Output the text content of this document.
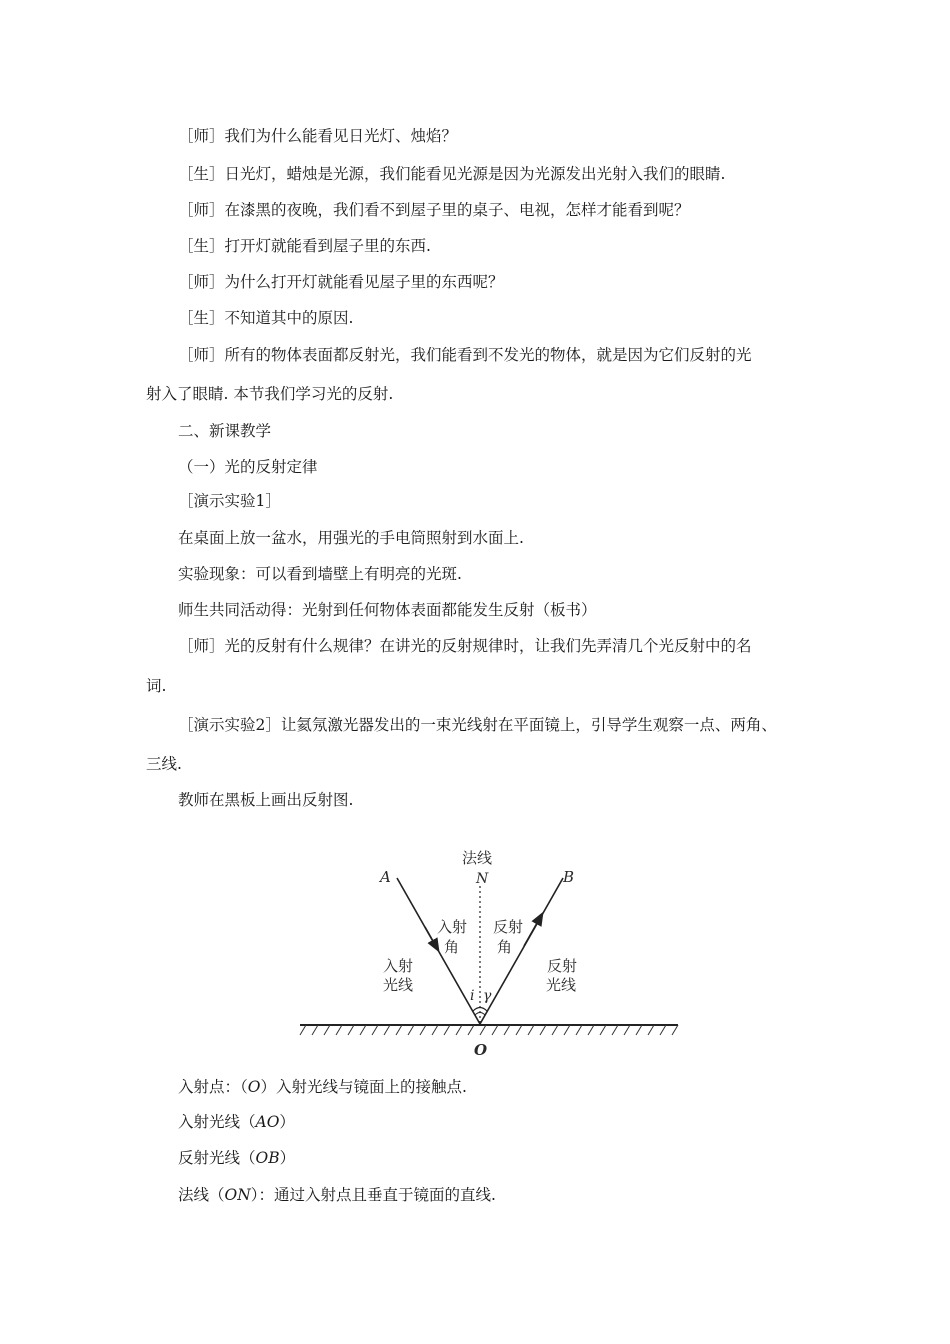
［师］我们为什么能看见日光灯、烛焰？

［生］日光灯，蜡烛是光源，我们能看见光源是因为光源发出光射入我们的眼睛.

［师］在漆黑的夜晚，我们看不到屋子里的桌子、电视，怎样才能看到呢？

［生］打开灯就能看到屋子里的东西.

［师］为什么打开灯就能看见屋子里的东西呢？

［生］不知道其中的原因.

［师］所有的物体表面都反射光，我们能看到不发光的物体，就是因为它们反射的光

射入了眼睛. 本节我们学习光的反射.

二、新课教学

（一）光的反射定律

［演示实验1］

在桌面上放一盆水，用强光的手电筒照射到水面上.

实验现象：可以看到墙壁上有明亮的光斑.

师生共同活动得：光射到任何物体表面都能发生反射（板书）

［师］光的反射有什么规律？在讲光的反射规律时，让我们先弄清几个光反射中的名

词.

［演示实验2］让氦氖激光器发出的一束光线射在平面镜上，引导学生观察一点、两角、

三线.

教师在黑板上画出反射图.

法线
N
A	B
O
i γ
入射
角
反射
角
入射
光线
反射
光线

入射点：（O）入射光线与镜面上的接触点.

入射光线（AO）

反射光线（OB）

法线（ON）：通过入射点且垂直于镜面的直线.
